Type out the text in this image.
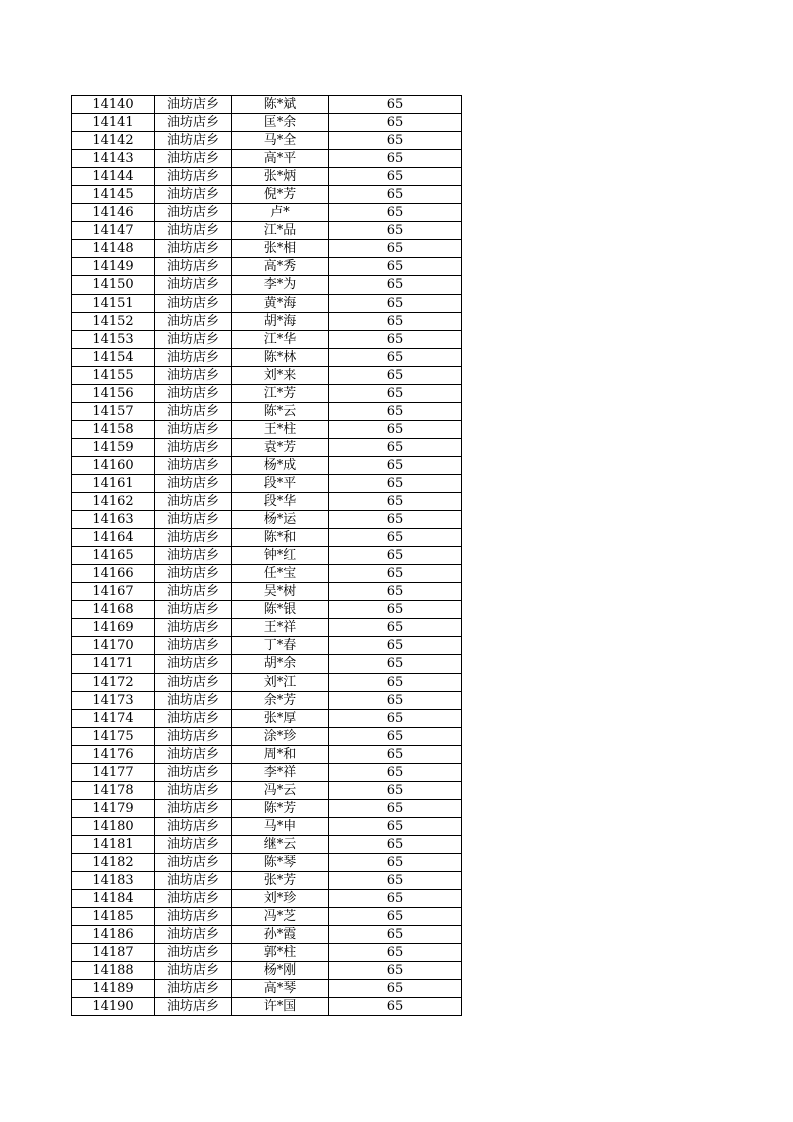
14140	油坊店乡	陈*斌	65
14141	油坊店乡	匡*余	65
14142	油坊店乡	马*全	65
14143	油坊店乡	高*平	65
14144	油坊店乡	张*炳	65
14145	油坊店乡	倪*芳	65
14146	油坊店乡	卢*	65
14147	油坊店乡	江*品	65
14148	油坊店乡	张*相	65
14149	油坊店乡	高*秀	65
14150	油坊店乡	李*为	65
14151	油坊店乡	黄*海	65
14152	油坊店乡	胡*海	65
14153	油坊店乡	江*华	65
14154	油坊店乡	陈*林	65
14155	油坊店乡	刘*来	65
14156	油坊店乡	江*芳	65
14157	油坊店乡	陈*云	65
14158	油坊店乡	王*柱	65
14159	油坊店乡	袁*芳	65
14160	油坊店乡	杨*成	65
14161	油坊店乡	段*平	65
14162	油坊店乡	段*华	65
14163	油坊店乡	杨*运	65
14164	油坊店乡	陈*和	65
14165	油坊店乡	钟*红	65
14166	油坊店乡	任*宝	65
14167	油坊店乡	吴*树	65
14168	油坊店乡	陈*银	65
14169	油坊店乡	王*祥	65
14170	油坊店乡	丁*春	65
14171	油坊店乡	胡*余	65
14172	油坊店乡	刘*江	65
14173	油坊店乡	余*芳	65
14174	油坊店乡	张*厚	65
14175	油坊店乡	涂*珍	65
14176	油坊店乡	周*和	65
14177	油坊店乡	李*祥	65
14178	油坊店乡	冯*云	65
14179	油坊店乡	陈*芳	65
14180	油坊店乡	马*申	65
14181	油坊店乡	继*云	65
14182	油坊店乡	陈*琴	65
14183	油坊店乡	张*芳	65
14184	油坊店乡	刘*珍	65
14185	油坊店乡	冯*芝	65
14186	油坊店乡	孙*霞	65
14187	油坊店乡	郭*柱	65
14188	油坊店乡	杨*刚	65
14189	油坊店乡	高*琴	65
14190	油坊店乡	许*国	65
